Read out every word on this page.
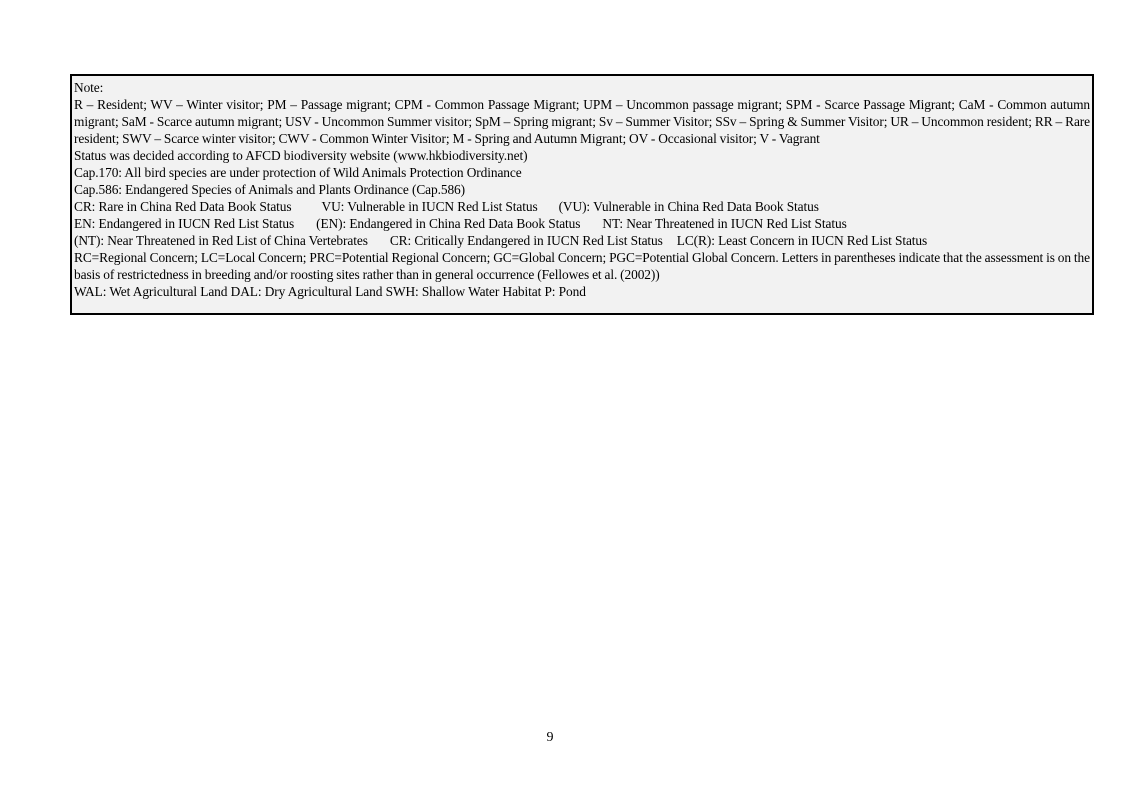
Note:
R – Resident; WV – Winter visitor; PM – Passage migrant; CPM - Common Passage Migrant; UPM – Uncommon passage migrant; SPM - Scarce Passage Migrant; CaM - Common autumn migrant; SaM - Scarce autumn migrant; USV - Uncommon Summer visitor; SpM – Spring migrant; Sv – Summer Visitor; SSv – Spring & Summer Visitor; UR – Uncommon resident; RR – Rare resident; SWV – Scarce winter visitor; CWV - Common Winter Visitor; M - Spring and Autumn Migrant; OV - Occasional visitor; V - Vagrant
Status was decided according to AFCD biodiversity website (www.hkbiodiversity.net)
Cap.170: All bird species are under protection of Wild Animals Protection Ordinance
Cap.586: Endangered Species of Animals and Plants Ordinance (Cap.586)
CR: Rare in China Red Data Book Status VU: Vulnerable in IUCN Red List Status (VU): Vulnerable in China Red Data Book Status
EN: Endangered in IUCN Red List Status (EN): Endangered in China Red Data Book Status NT: Near Threatened in IUCN Red List Status
(NT): Near Threatened in Red List of China Vertebrates CR: Critically Endangered in IUCN Red List Status LC(R): Least Concern in IUCN Red List Status
RC=Regional Concern; LC=Local Concern; PRC=Potential Regional Concern; GC=Global Concern; PGC=Potential Global Concern. Letters in parentheses indicate that the assessment is on the basis of restrictedness in breeding and/or roosting sites rather than in general occurrence (Fellowes et al. (2002))
WAL: Wet Agricultural Land DAL: Dry Agricultural Land SWH: Shallow Water Habitat P: Pond
9
